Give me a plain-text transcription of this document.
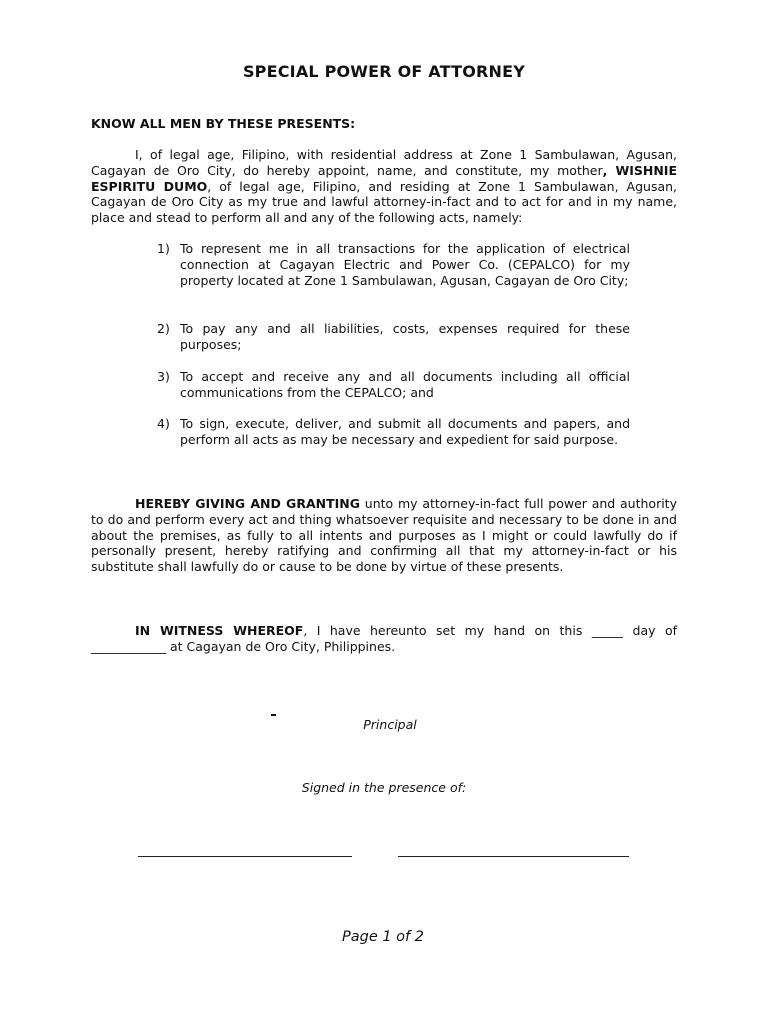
SPECIAL POWER OF ATTORNEY
KNOW ALL MEN BY THESE PRESENTS:
I, of legal age, Filipino, with residential address at Zone 1 Sambulawan, Agusan, Cagayan de Oro City, do hereby appoint, name, and constitute, my mother, WISHNIE ESPIRITU DUMO, of legal age, Filipino, and residing at Zone 1 Sambulawan, Agusan, Cagayan de Oro City as my true and lawful attorney-in-fact and to act for and in my name, place and stead to perform all and any of the following acts, namely:
1) To represent me in all transactions for the application of electrical connection at Cagayan Electric and Power Co. (CEPALCO) for my property located at Zone 1 Sambulawan, Agusan, Cagayan de Oro City;
2) To pay any and all liabilities, costs, expenses required for these purposes;
3) To accept and receive any and all documents including all official communications from the CEPALCO; and
4) To sign, execute, deliver, and submit all documents and papers, and perform all acts as may be necessary and expedient for said purpose.
HEREBY GIVING AND GRANTING unto my attorney-in-fact full power and authority to do and perform every act and thing whatsoever requisite and necessary to be done in and about the premises, as fully to all intents and purposes as I might or could lawfully do if personally present, hereby ratifying and confirming all that my attorney-in-fact or his substitute shall lawfully do or cause to be done by virtue of these presents.
IN WITNESS WHEREOF, I have hereunto set my hand on this _____ day of ____________ at Cagayan de Oro City, Philippines.
Principal
Signed in the presence of:
Page 1 of 2
